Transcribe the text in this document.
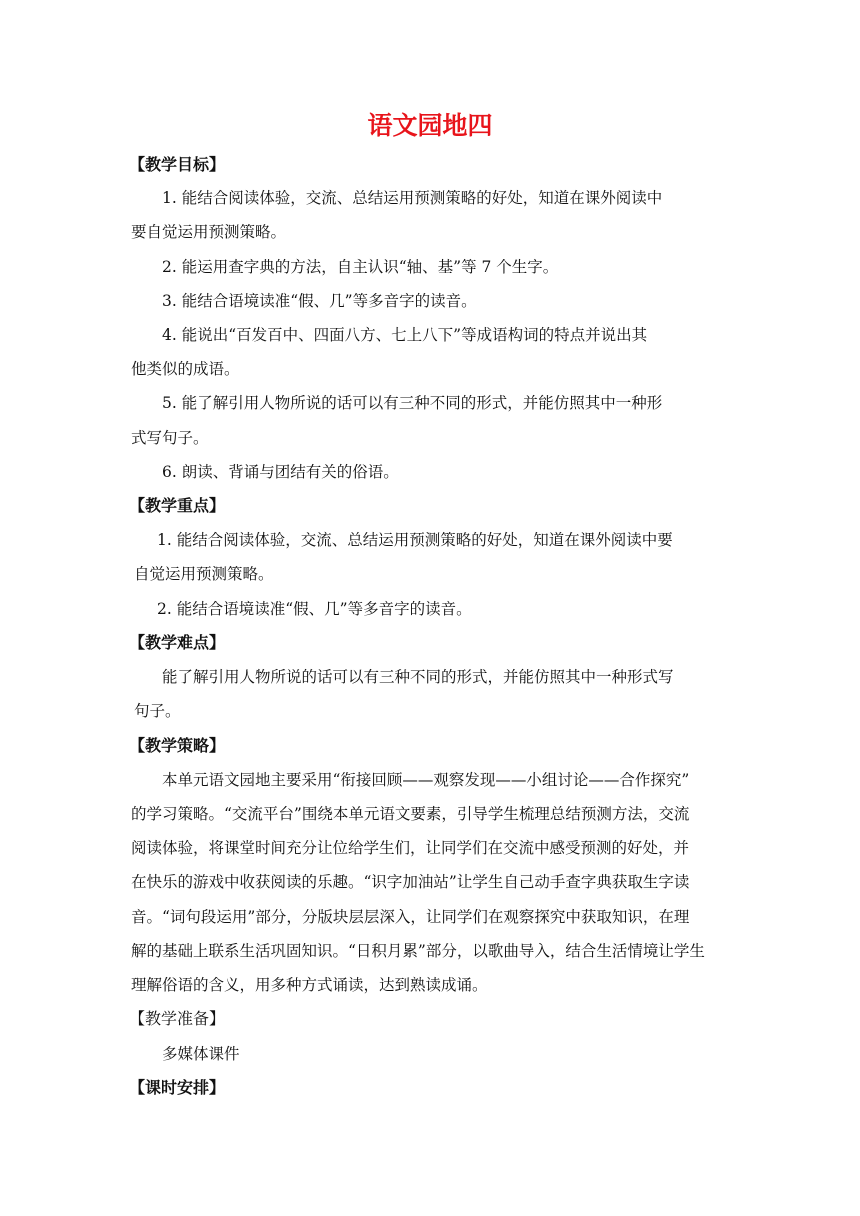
语文园地四
【教学目标】

1. 能结合阅读体验，交流、总结运用预测策略的好处，知道在课外阅读中

要自觉运用预测策略。

2. 能运用查字典的方法，自主认识“轴、基”等 7 个生字。

3. 能结合语境读准“假、几”等多音字的读音。

4. 能说出“百发百中、四面八方、七上八下”等成语构词的特点并说出其

他类似的成语。

5. 能了解引用人物所说的话可以有三种不同的形式，并能仿照其中一种形

式写句子。

6. 朗读、背诵与团结有关的俗语。

【教学重点】

1. 能结合阅读体验，交流、总结运用预测策略的好处，知道在课外阅读中要

自觉运用预测策略。

2. 能结合语境读准“假、几”等多音字的读音。

【教学难点】

能了解引用人物所说的话可以有三种不同的形式，并能仿照其中一种形式写

句子。

【教学策略】

本单元语文园地主要采用“衔接回顾——观察发现——小组讨论——合作探究”

的学习策略。“交流平台”围绕本单元语文要素，引导学生梳理总结预测方法，交流

阅读体验，将课堂时间充分让位给学生们，让同学们在交流中感受预测的好处，并

在快乐的游戏中收获阅读的乐趣。“识字加油站”让学生自己动手查字典获取生字读

音。“词句段运用”部分，分版块层层深入，让同学们在观察探究中获取知识，在理

解的基础上联系生活巩固知识。“日积月累”部分，以歌曲导入，结合生活情境让学生

理解俗语的含义，用多种方式诵读，达到熟读成诵。

【教学准备】

多媒体课件

【课时安排】
